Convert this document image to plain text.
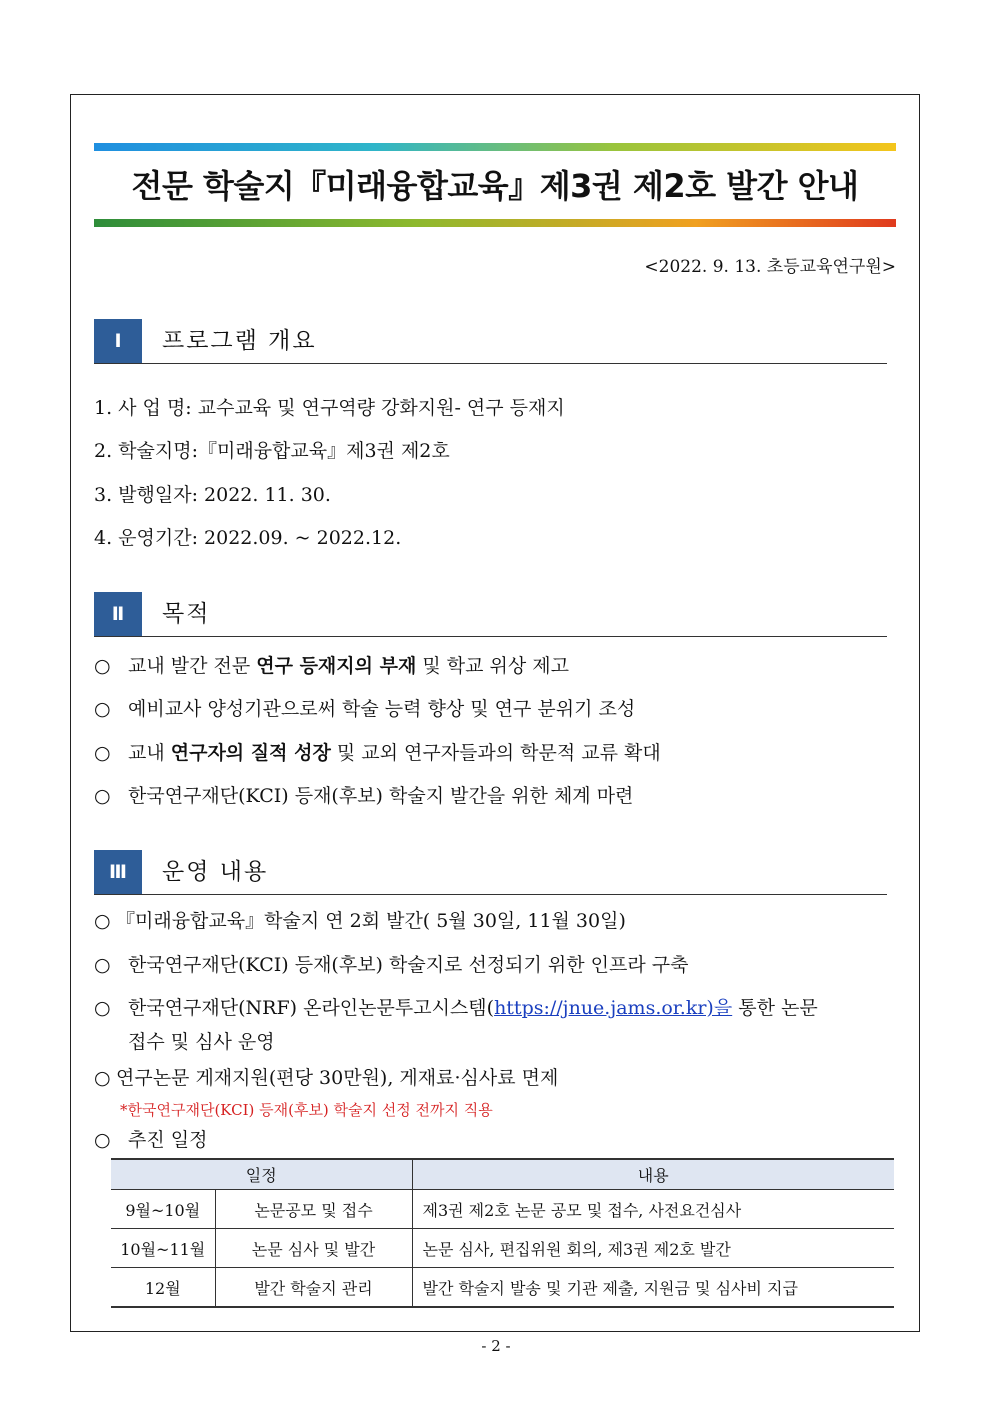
전문 학술지『미래융합교육』제3권 제2호 발간 안내
<2022. 9. 13. 초등교육연구원>
Ⅰ	프로그램 개요
1. 사 업 명: 교수교육 및 연구역량 강화지원- 연구 등재지
2. 학술지명:『미래융합교육』제3권 제2호
3. 발행일자: 2022. 11. 30.
4. 운영기간: 2022.09. ~ 2022.12.
Ⅱ	목적
○ 교내 발간 전문 연구 등재지의 부재 및 학교 위상 제고
○ 예비교사 양성기관으로써 학술 능력 향상 및 연구 분위기 조성
○ 교내 연구자의 질적 성장 및 교외 연구자들과의 학문적 교류 확대
○ 한국연구재단(KCI) 등재(후보) 학술지 발간을 위한 체계 마련
Ⅲ	운영 내용
○ 『미래융합교육』학술지 연 2회 발간( 5월 30일, 11월 30일)
○ 한국연구재단(KCI) 등재(후보) 학술지로 선정되기 위한 인프라 구축
○ 한국연구재단(NRF) 온라인논문투고시스템(https://jnue.jams.or.kr)을 통한 논문
접수 및 심사 운영
○ 연구논문 게재지원(편당 30만원), 게재료·심사료 면제
*한국연구재단(KCI) 등재(후보) 학술지 선정 전까지 직용
○ 추진 일정
일정		내용
9월~10월	논문공모 및 접수	제3권 제2호 논문 공모 및 접수, 사전요건심사
10월~11월	논문 심사 및 발간	논문 심사, 편집위원 회의, 제3권 제2호 발간
12월	발간 학술지 관리	발간 학술지 발송 및 기관 제출, 지원금 및 심사비 지급
- 2 -
